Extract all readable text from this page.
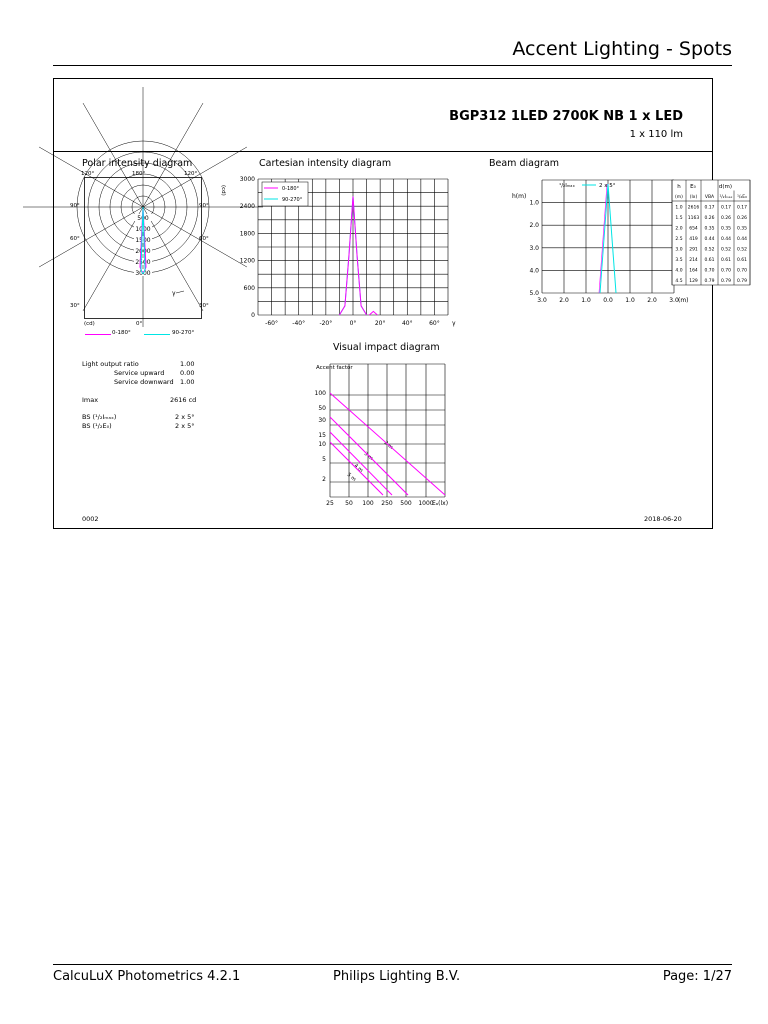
Accent Lighting - Spots
BGP312 1LED 2700K NB 1 x LED
1 x 110 lm
Polar intensity diagram
120°	180°	120°
90°	90°
60°	60°
30°	30°
500
1000
1500
2000
2500
3000
γ
(cd)	0°
0-180°	90-270°
Cartesian intensity diagram
(cd)
3000
2400
1800
1200
600
0
-60° -40° -20°	0°	20°	40°	60° γ
0-180°
90-270°
Beam diagram
h(m)
1.0
2.0
3.0
4.0
5.0
3.0 2.0 1.0 0.0 1.0 2.0 3.0 (m)
h E₀	d(m)
(m) (lx) VBA ¹/₂Iₘₐₓ ¹/₂E₀
1.0 2616 0.17 0.17 0.17
1.5 1163 0.26 0.26 0.26
2.0 654 0.35 0.35 0.35
2.5 419 0.44 0.44 0.44
3.0 291 0.52 0.52 0.52
3.5 214 0.61 0.61 0.61
4.0 164 0.70 0.70 0.70
4.5 129 0.79 0.79 0.79
¹/₂Iₘₐₓ	2 x 5°
Light output ratio	1.00
Service upward 0.00
Service downward 1.00
Imax	2616 cd
BS (¹/₂Iₘₐₓ)	2 x 5°
BS (¹/₂E₀)	2 x 5°
Visual impact diagram
Accent factor
100
50
30
15
10
5
2
25 50 100 250 500 1000
Eₐ(lx)
2 m
3 m
4 m
5 m
0002	2018-06-20
CalcuLuX Photometrics 4.2.1	Philips Lighting B.V.	Page: 1/27
